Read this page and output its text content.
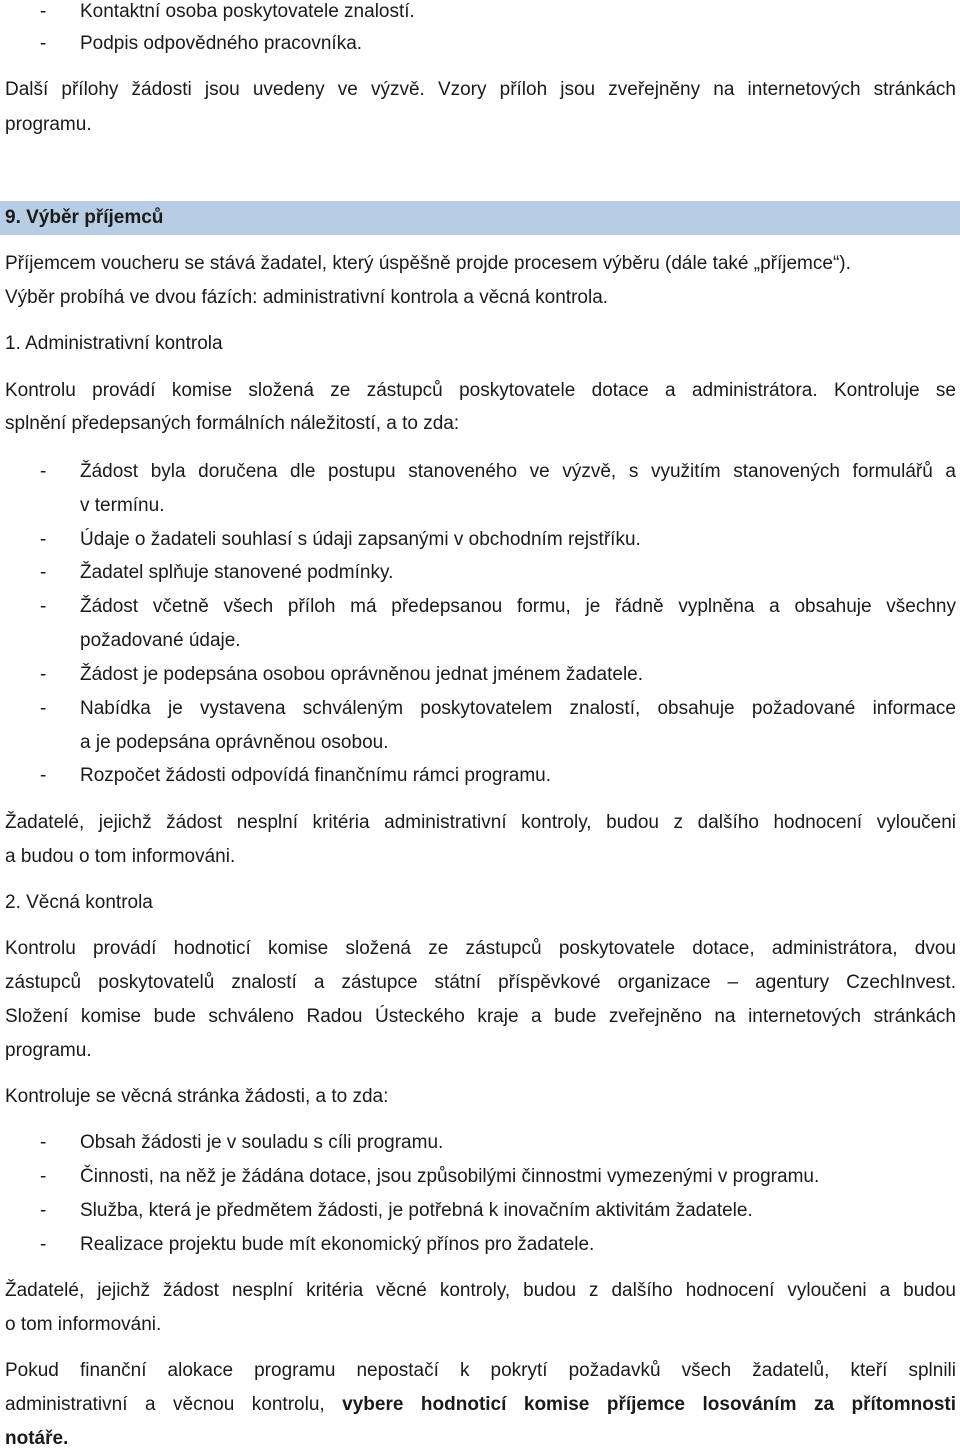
- Kontaktní osoba poskytovatele znalostí.
- Podpis odpovědného pracovníka.
Další přílohy žádosti jsou uvedeny ve výzvě. Vzory příloh jsou zveřejněny na internetových stránkách
programu.
9. Výběr příjemců
Příjemcem voucheru se stává žadatel, který úspěšně projde procesem výběru (dále také „příjemce“).
Výběr probíhá ve dvou fázích: administrativní kontrola a věcná kontrola.
1. Administrativní kontrola
Kontrolu provádí komise složená ze zástupců poskytovatele dotace a administrátora. Kontroluje se
splnění předepsaných formálních náležitostí, a to zda:
- Žádost byla doručena dle postupu stanoveného ve výzvě, s využitím stanovených formulářů a
v termínu.
- Údaje o žadateli souhlasí s údaji zapsanými v obchodním rejstříku.
- Žadatel splňuje stanovené podmínky.
- Žádost včetně všech příloh má předepsanou formu, je řádně vyplněna a obsahuje všechny
požadované údaje.
- Žádost je podepsána osobou oprávněnou jednat jménem žadatele.
- Nabídka je vystavena schváleným poskytovatelem znalostí, obsahuje požadované informace
a je podepsána oprávněnou osobou.
- Rozpočet žádosti odpovídá finančnímu rámci programu.
Žadatelé, jejichž žádost nesplní kritéria administrativní kontroly, budou z dalšího hodnocení vyloučeni
a budou o tom informováni.
2. Věcná kontrola
Kontrolu provádí hodnoticí komise složená ze zástupců poskytovatele dotace, administrátora, dvou
zástupců poskytovatelů znalostí a zástupce státní příspěvkové organizace – agentury CzechInvest.
Složení komise bude schváleno Radou Ústeckého kraje a bude zveřejněno na internetových stránkách
programu.
Kontroluje se věcná stránka žádosti, a to zda:
- Obsah žádosti je v souladu s cíli programu.
- Činnosti, na něž je žádána dotace, jsou způsobilými činnostmi vymezenými v programu.
- Služba, která je předmětem žádosti, je potřebná k inovačním aktivitám žadatele.
- Realizace projektu bude mít ekonomický přínos pro žadatele.
Žadatelé, jejichž žádost nesplní kritéria věcné kontroly, budou z dalšího hodnocení vyloučeni a budou
o tom informováni.
Pokud finanční alokace programu nepostačí k pokrytí požadavků všech žadatelů, kteří splnili
administrativní a věcnou kontrolu, vybere hodnoticí komise příjemce losováním za přítomnosti
notáře.
